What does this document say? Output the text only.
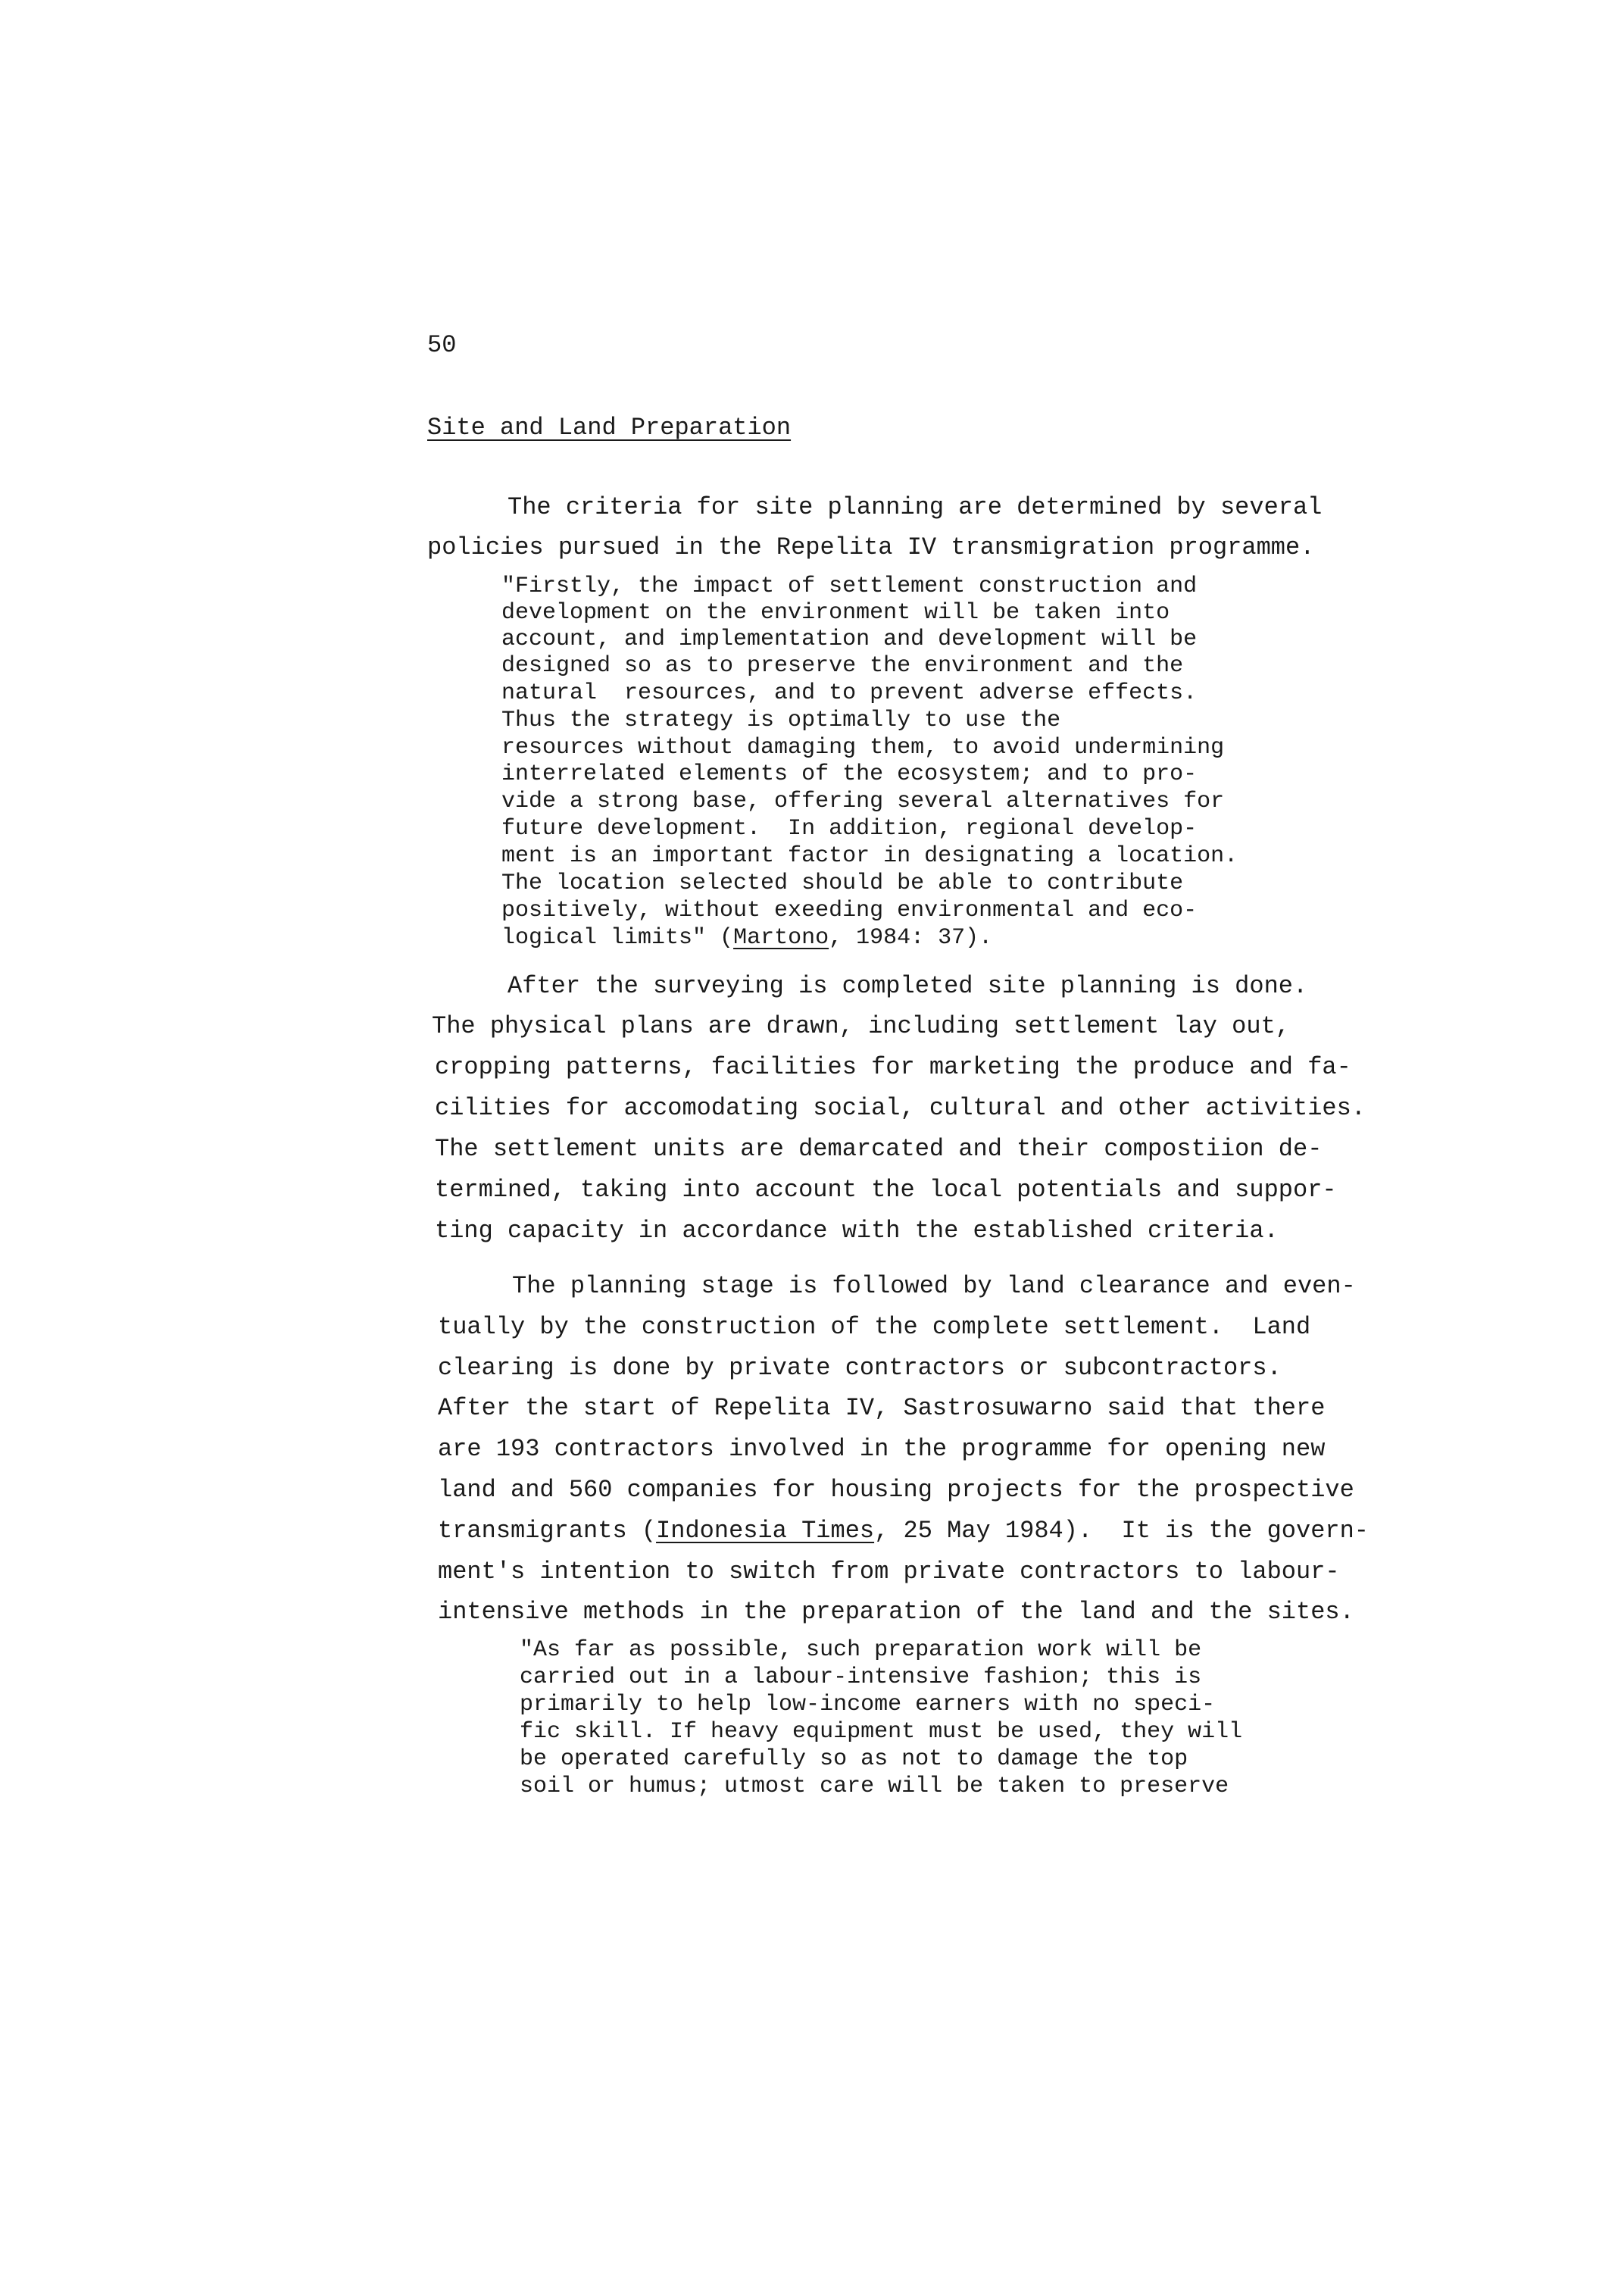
50
Site and Land Preparation
The criteria for site planning are determined by several
policies pursued in the Repelita IV transmigration programme.
"Firstly, the impact of settlement construction and
development on the environment will be taken into
account, and implementation and development will be
designed so as to preserve the environment and the
natural  resources, and to prevent adverse effects.
Thus the strategy is optimally to use the
resources without damaging them, to avoid undermining
interrelated elements of the ecosystem; and to pro-
vide a strong base, offering several alternatives for
future development.  In addition, regional develop-
ment is an important factor in designating a location.
The location selected should be able to contribute
positively, without exeeding environmental and eco-
logical limits" (Martono, 1984: 37).
After the surveying is completed site planning is done.
The physical plans are drawn, including settlement lay out,
cropping patterns, facilities for marketing the produce and fa-
cilities for accomodating social, cultural and other activities.
The settlement units are demarcated and their compostiion de-
termined, taking into account the local potentials and suppor-
ting capacity in accordance with the established criteria.
The planning stage is followed by land clearance and even-
tually by the construction of the complete settlement.  Land
clearing is done by private contractors or subcontractors.
After the start of Repelita IV, Sastrosuwarno said that there
are 193 contractors involved in the programme for opening new
land and 560 companies for housing projects for the prospective
transmigrants (Indonesia Times, 25 May 1984).  It is the govern-
ment's intention to switch from private contractors to labour-
intensive methods in the preparation of the land and the sites.
"As far as possible, such preparation work will be
carried out in a labour-intensive fashion; this is
primarily to help low-income earners with no speci-
fic skill. If heavy equipment must be used, they will
be operated carefully so as not to damage the top
soil or humus; utmost care will be taken to preserve
